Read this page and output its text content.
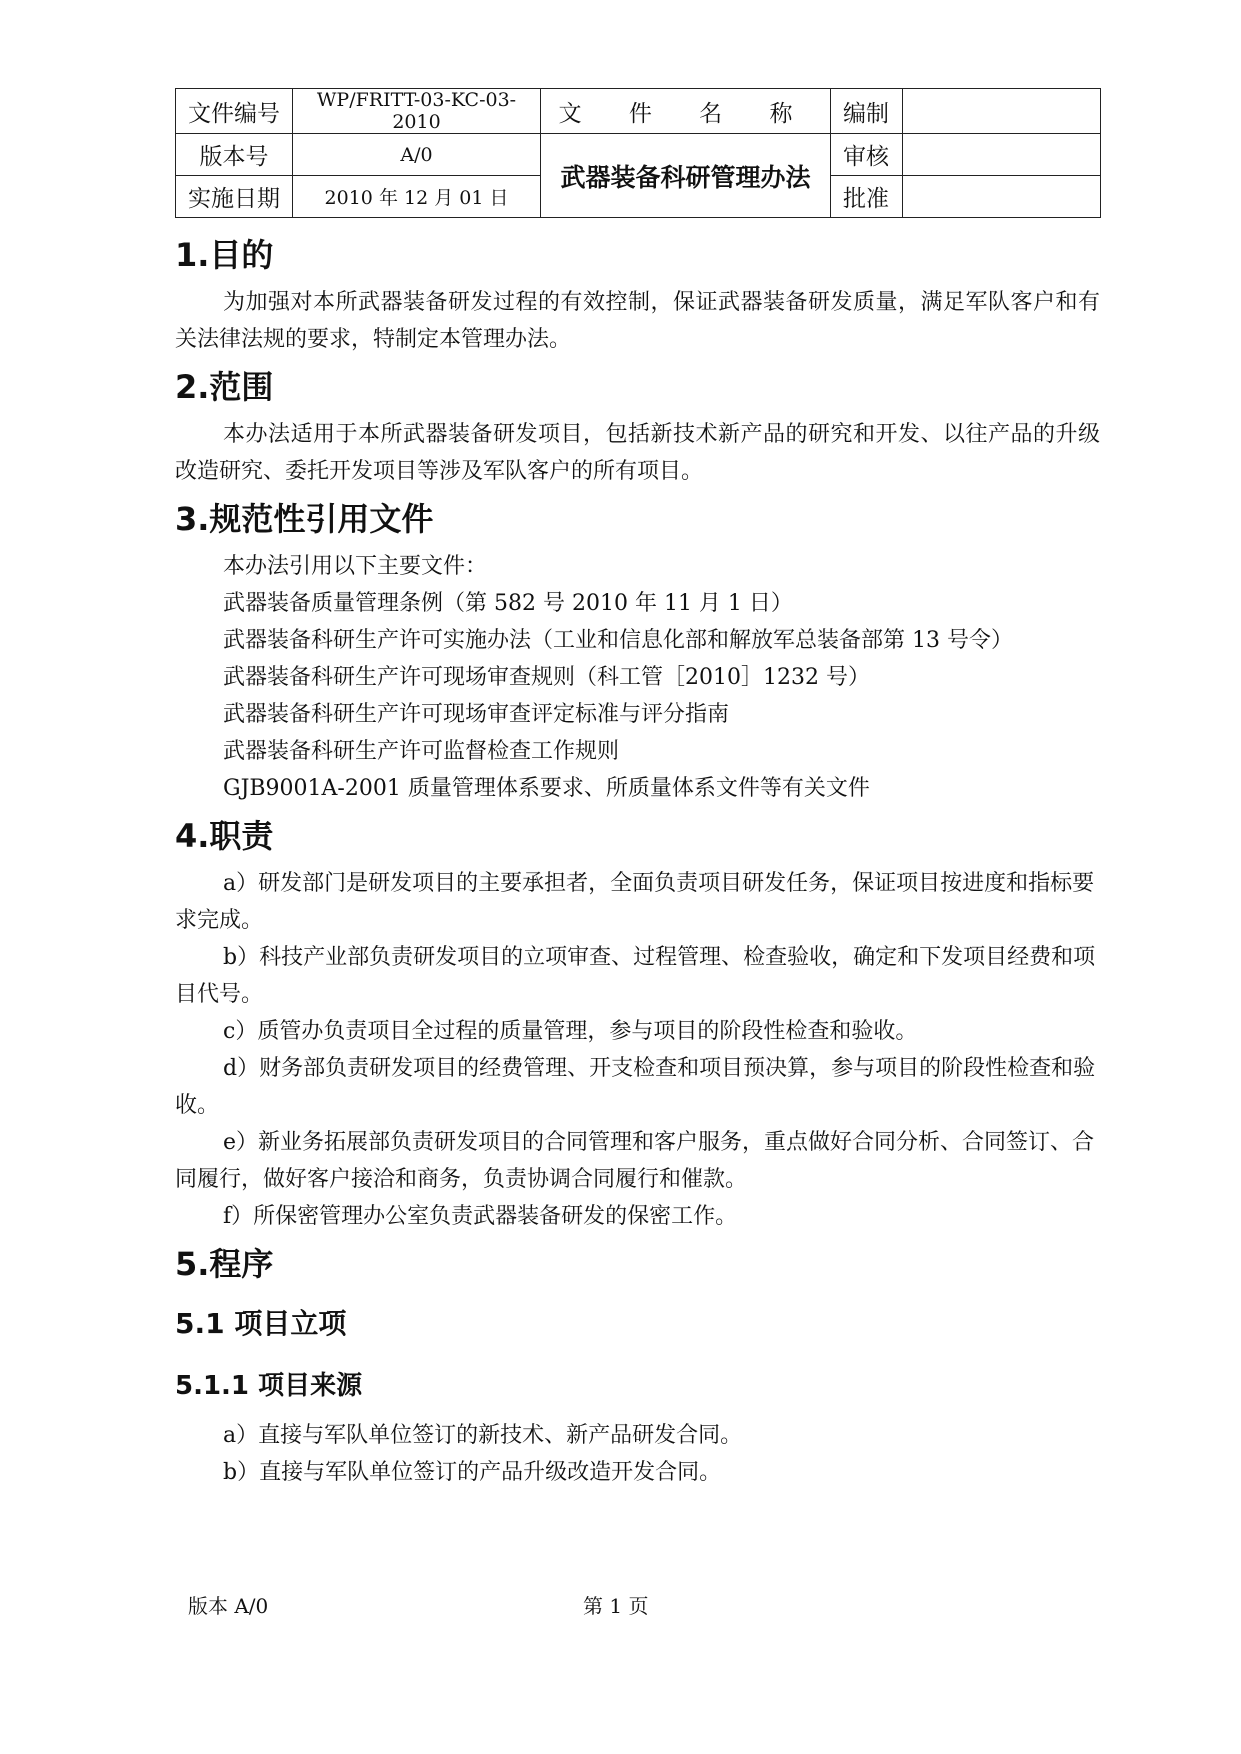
文件编号	WP/FRITT-03-KC-03-2010	文 件 名 称	编制	
版本号	A/0	武器装备科研管理办法	审核	
实施日期	2010 年 12 月 01 日		批准	
1.目的

为加强对本所武器装备研发过程的有效控制，保证武器装备研发质量，满足军队客户和有关法律法规的要求，特制定本管理办法。

2.范围

本办法适用于本所武器装备研发项目，包括新技术新产品的研究和开发、以往产品的升级改造研究、委托开发项目等涉及军队客户的所有项目。

3.规范性引用文件

本办法引用以下主要文件：

武器装备质量管理条例（第 582 号 2010 年 11 月 1 日）

武器装备科研生产许可实施办法（工业和信息化部和解放军总装备部第 13 号令）

武器装备科研生产许可现场审查规则（科工管［2010］1232 号）

武器装备科研生产许可现场审查评定标准与评分指南

武器装备科研生产许可监督检查工作规则

GJB9001A-2001 质量管理体系要求、所质量体系文件等有关文件

4.职责

a）研发部门是研发项目的主要承担者，全面负责项目研发任务，保证项目按进度和指标要求完成。

b）科技产业部负责研发项目的立项审查、过程管理、检查验收，确定和下发项目经费和项目代号。

c）质管办负责项目全过程的质量管理，参与项目的阶段性检查和验收。

d）财务部负责研发项目的经费管理、开支检查和项目预决算，参与项目的阶段性检查和验收。

e）新业务拓展部负责研发项目的合同管理和客户服务，重点做好合同分析、合同签订、合同履行，做好客户接洽和商务，负责协调合同履行和催款。

f）所保密管理办公室负责武器装备研发的保密工作。

5.程序
5.1 项目立项
5.1.1 项目来源

a）直接与军队单位签订的新技术、新产品研发合同。

b）直接与军队单位签订的产品升级改造开发合同。

版本 A/0	第 1 页
